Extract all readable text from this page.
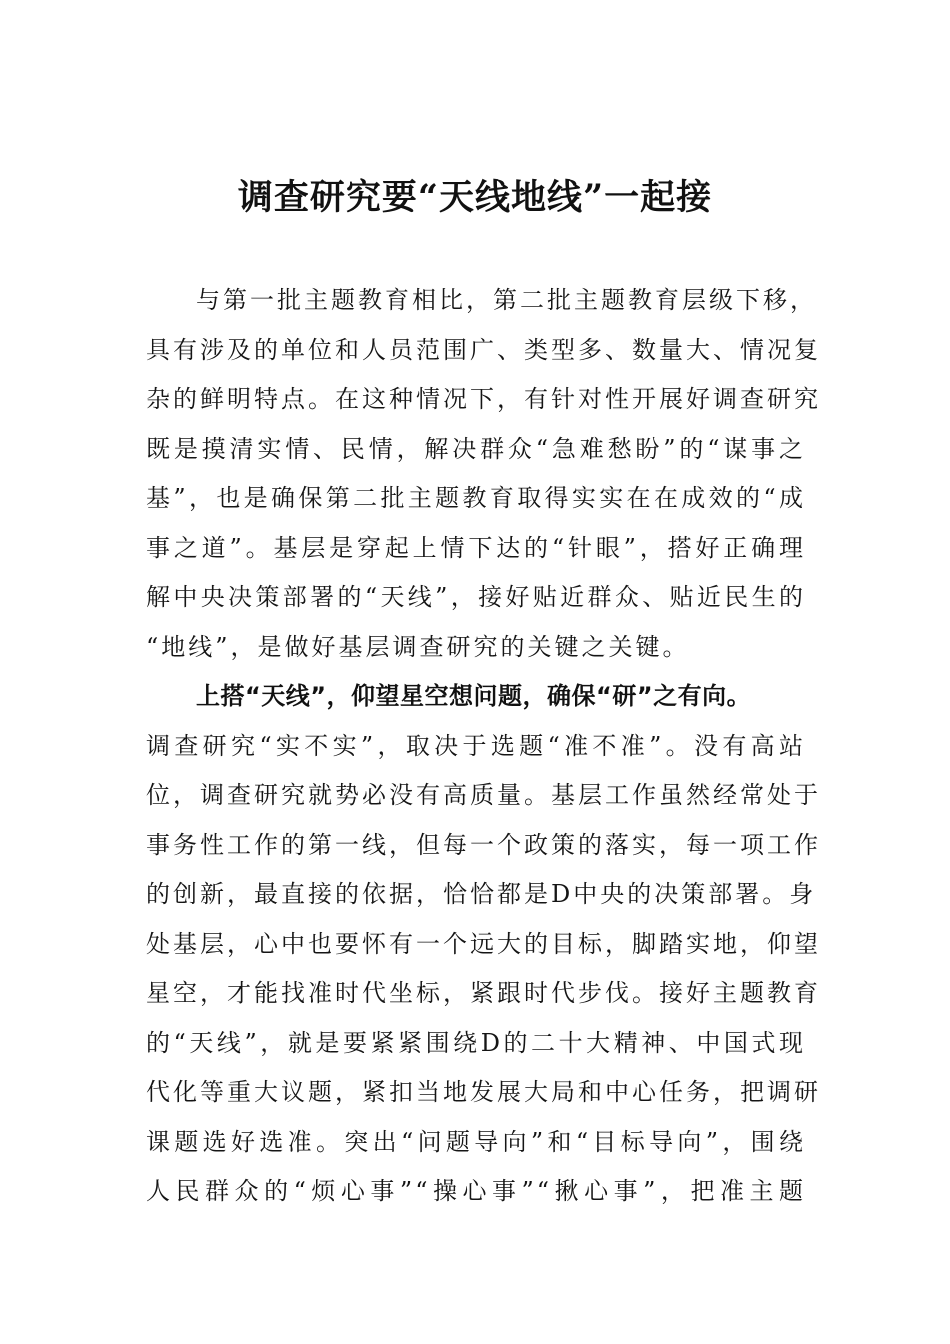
调查研究要“天线地线”一起接
与第一批主题教育相比，第二批主题教育层级下移，
具有涉及的单位和人员范围广、类型多、数量大、情况复
杂的鲜明特点。在这种情况下，有针对性开展好调查研究
既是摸清实情、民情，解决群众“急难愁盼”的“谋事之
基”，也是确保第二批主题教育取得实实在在成效的“成
事之道”。基层是穿起上情下达的“针眼”，搭好正确理
解中央决策部署的“天线”，接好贴近群众、贴近民生的
“地线”，是做好基层调查研究的关键之关键。
上搭“天线”，仰望星空想问题，确保“研”之有向。
调查研究“实不实”，取决于选题“准不准”。没有高站
位，调查研究就势必没有高质量。基层工作虽然经常处于
事务性工作的第一线，但每一个政策的落实，每一项工作
的创新，最直接的依据，恰恰都是D中央的决策部署。身
处基层，心中也要怀有一个远大的目标，脚踏实地，仰望
星空，才能找准时代坐标，紧跟时代步伐。接好主题教育
的“天线”，就是要紧紧围绕D的二十大精神、中国式现
代化等重大议题，紧扣当地发展大局和中心任务，把调研
课题选好选准。突出“问题导向”和“目标导向”，围绕
人民群众的“烦心事”“操心事”“揪心事”，把准主题
